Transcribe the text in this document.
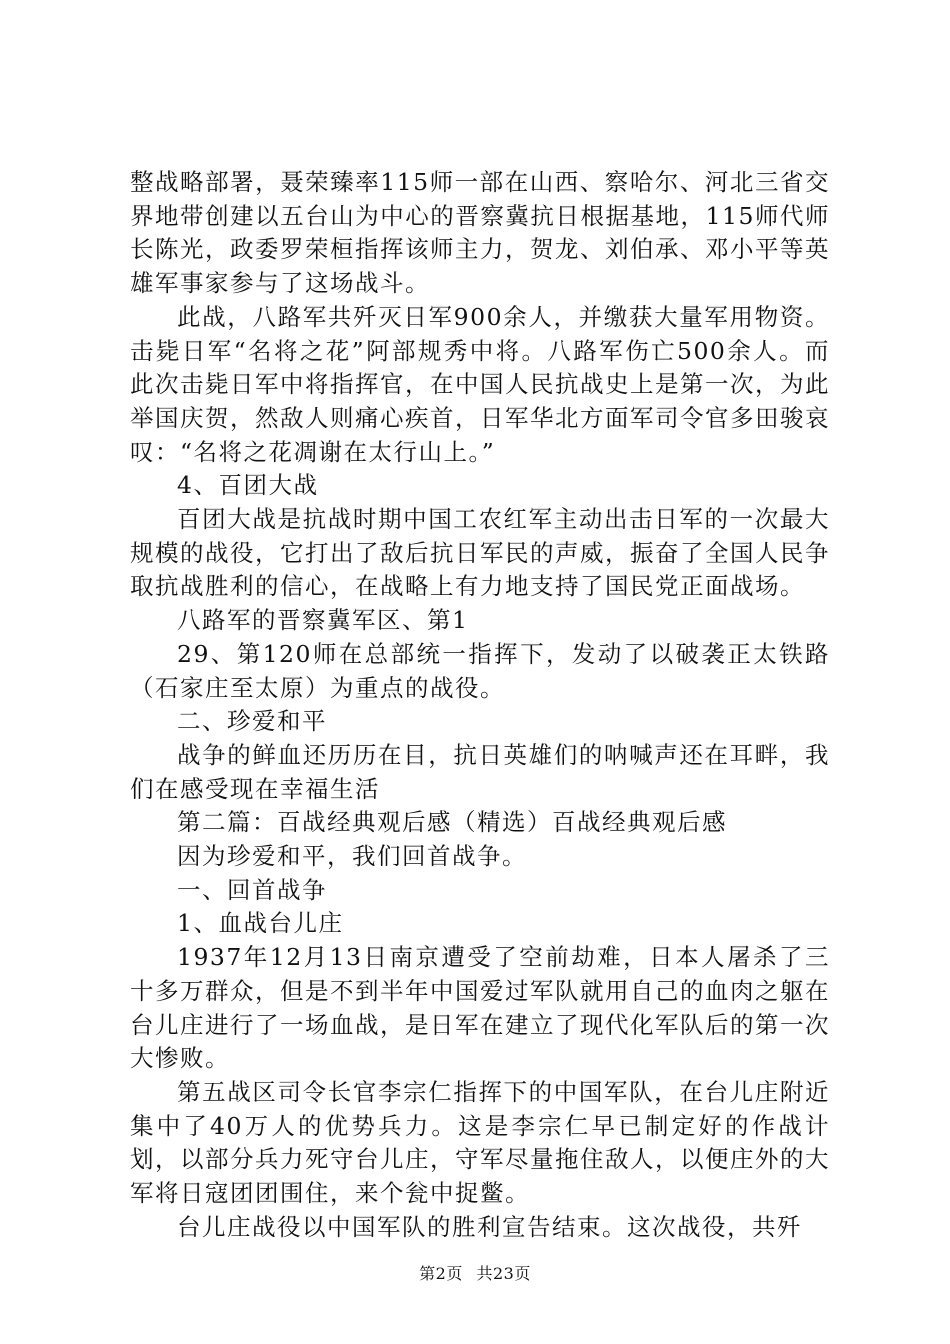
整战略部署，聂荣臻率115师一部在山西、察哈尔、河北三省交界地带创建以五台山为中心的晋察冀抗日根据基地，115师代师长陈光，政委罗荣桓指挥该师主力，贺龙、刘伯承、邓小平等英雄军事家参与了这场战斗。

此战，八路军共歼灭日军900余人，并缴获大量军用物资。击毙日军“名将之花”阿部规秀中将。八路军伤亡500余人。而此次击毙日军中将指挥官，在中国人民抗战史上是第一次，为此举国庆贺，然敌人则痛心疾首，日军华北方面军司令官多田骏哀叹：“名将之花凋谢在太行山上。”

4、百团大战

百团大战是抗战时期中国工农红军主动出击日军的一次最大规模的战役，它打出了敌后抗日军民的声威，振奋了全国人民争取抗战胜利的信心，在战略上有力地支持了国民党正面战场。

八路军的晋察冀军区、第1

29、第120师在总部统一指挥下，发动了以破袭正太铁路（石家庄至太原）为重点的战役。

二、珍爱和平

战争的鲜血还历历在目，抗日英雄们的呐喊声还在耳畔，我们在感受现在幸福生活

第二篇：百战经典观后感（精选）百战经典观后感

因为珍爱和平，我们回首战争。

一、回首战争

1、血战台儿庄

1937年12月13日南京遭受了空前劫难，日本人屠杀了三十多万群众，但是不到半年中国爱过军队就用自己的血肉之躯在台儿庄进行了一场血战，是日军在建立了现代化军队后的第一次大惨败。

第五战区司令长官李宗仁指挥下的中国军队，在台儿庄附近集中了40万人的优势兵力。这是李宗仁早已制定好的作战计划，以部分兵力死守台儿庄，守军尽量拖住敌人，以便庄外的大军将日寇团团围住，来个瓮中捉鳖。

台儿庄战役以中国军队的胜利宣告结束。这次战役，共歼

第2页 共23页
